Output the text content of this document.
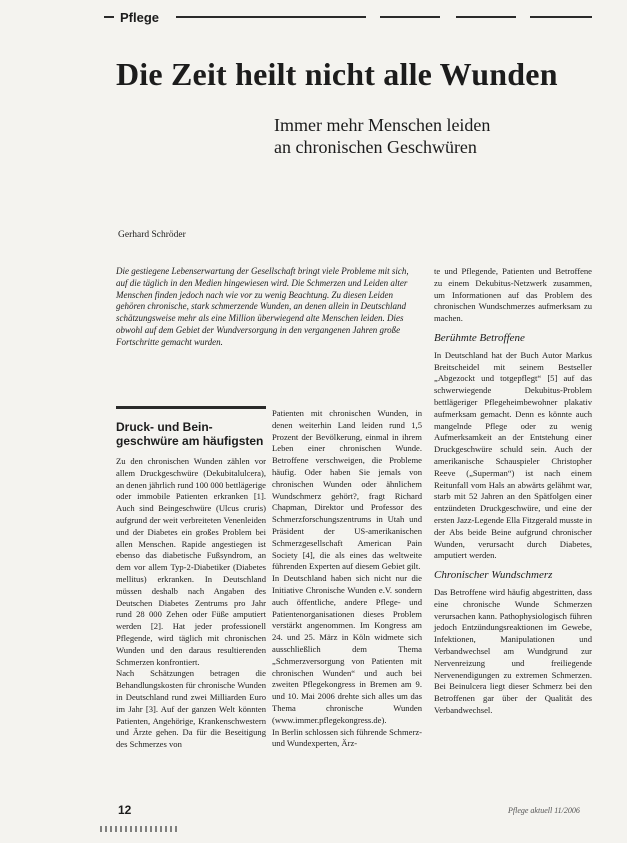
Pflege
Die Zeit heilt nicht alle Wunden
Immer mehr Menschen leiden
an chronischen Geschwüren
Gerhard Schröder
Die gestiegene Lebenserwartung der Gesellschaft bringt viele Probleme mit sich, auf die täglich in den Medien hingewiesen wird. Die Schmerzen und Leiden alter Menschen finden jedoch nach wie vor zu wenig Beachtung. Zu diesen Leiden gehören chronische, stark schmerzende Wunden, an denen allein in Deutschland schätzungsweise mehr als eine Million überwiegend alte Menschen leiden. Dies obwohl auf dem Gebiet der Wundversorgung in den vergangenen Jahren große Fortschritte gemacht wurden.
Druck- und Bein-
geschwüre am häufigsten

Zu den chronischen Wunden zählen vor allem Druckgeschwüre (Dekubitalulcera), an denen jährlich rund 100 000 bettlägerige oder immobile Patienten erkranken [1]. Auch sind Beingeschwüre (Ulcus cruris) aufgrund der weit verbreiteten Venenleiden und der Diabetes ein großes Problem bei allen Menschen. Rapide angestiegen ist ebenso das diabetische Fußsyndrom, an dem vor allem Typ-2-Diabetiker (Diabetes mellitus) erkranken. In Deutschland müssen deshalb nach Angaben des Deutschen Diabetes Zentrums pro Jahr rund 28 000 Zehen oder Füße amputiert werden [2]. Hat jeder professionell Pflegende, wird täglich mit chronischen Wunden und den daraus resultierenden Schmerzen konfrontiert.

Nach Schätzungen betragen die Behandlungskosten für chronische Wunden in Deutschland rund zwei Milliarden Euro im Jahr [3]. Auf der ganzen Welt könnten Patienten, Angehörige, Krankenschwestern und Ärzte gehen. Da für die Beseitigung des Schmerzes von

Patienten mit chronischen Wunden, in denen weiterhin Land leiden rund 1,5 Prozent der Bevölkerung, einmal in ihrem Leben einer chronischen Wunde. Betroffene verschweigen, die Probleme häufig. Oder haben Sie jemals von chronischen Wunden oder ähnlichem Wundschmerz gehört?, fragt Richard Chapman, Direktor und Professor des Schmerzforschungszentrums in Utah und Präsident der US-amerikanischen Schmerzgesellschaft American Pain Society [4], die als eines das weltweite führenden Experten auf diesem Gebiet gilt.

In Deutschland haben sich nicht nur die Initiative Chronische Wunden e.V. sondern auch öffentliche, andere Pflege- und Patientenorganisationen dieses Problem verstärkt angenommen. Im Kongress am 24. und 25. März in Köln widmete sich ausschließlich dem Thema „Schmerzversorgung von Patienten mit chronischen Wunden“ und auch bei zweiten Pflegekongress in Bremen am 9. und 10. Mai 2006 drehte sich alles um das Thema chronische Wunden (www.immer.pflegekongress.de).

In Berlin schlossen sich führende Schmerz- und Wundexperten, Ärz-

te und Pflegende, Patienten und Betroffene zu einem Dekubitus-Netzwerk zusammen, um Informationen auf das Problem des chronischen Wundschmerzes aufmerksam zu machen.

Berühmte Betroffene

In Deutschland hat der Buch Autor Markus Breitscheidel mit seinem Bestseller „Abgezockt und totgepflegt“ [5] auf das schwerwiegende Dekubitus-Problem bettlägeriger Pflegeheimbewohner plakativ aufmerksam gemacht. Denn es könnte auch mangelnde Pflege oder zu wenig Aufmerksamkeit an der Entstehung einer Druckgeschwüre schuld sein. Auch der amerikanische Schauspieler Christopher Reeve („Superman“) ist nach einem Reitunfall vom Hals an abwärts gelähmt war, starb mit 52 Jahren an den Spätfolgen einer entzündeten Druckgeschwüre, und eine der ersten Jazz-Legende Ella Fitzgerald musste in der Abs beide Beine aufgrund chronischer Wunden, verursacht durch Diabetes, amputiert werden.

Chronischer Wundschmerz

Das Betroffene wird häufig abgestritten, dass eine chronische Wunde Schmerzen verursachen kann. Pathophysiologisch führen jedoch Entzündungsreaktionen im Gewebe, Infektionen, Manipulationen und Verbandwechsel am Wundgrund zur Nervenreizung und freiliegende Nervenendigungen zu extremen Schmerzen. Bei Beinulcera liegt dieser Schmerz bei den Betroffenen gar über der Qualität des Verbandwechsel.

12	Pflege aktuell 11/2006
